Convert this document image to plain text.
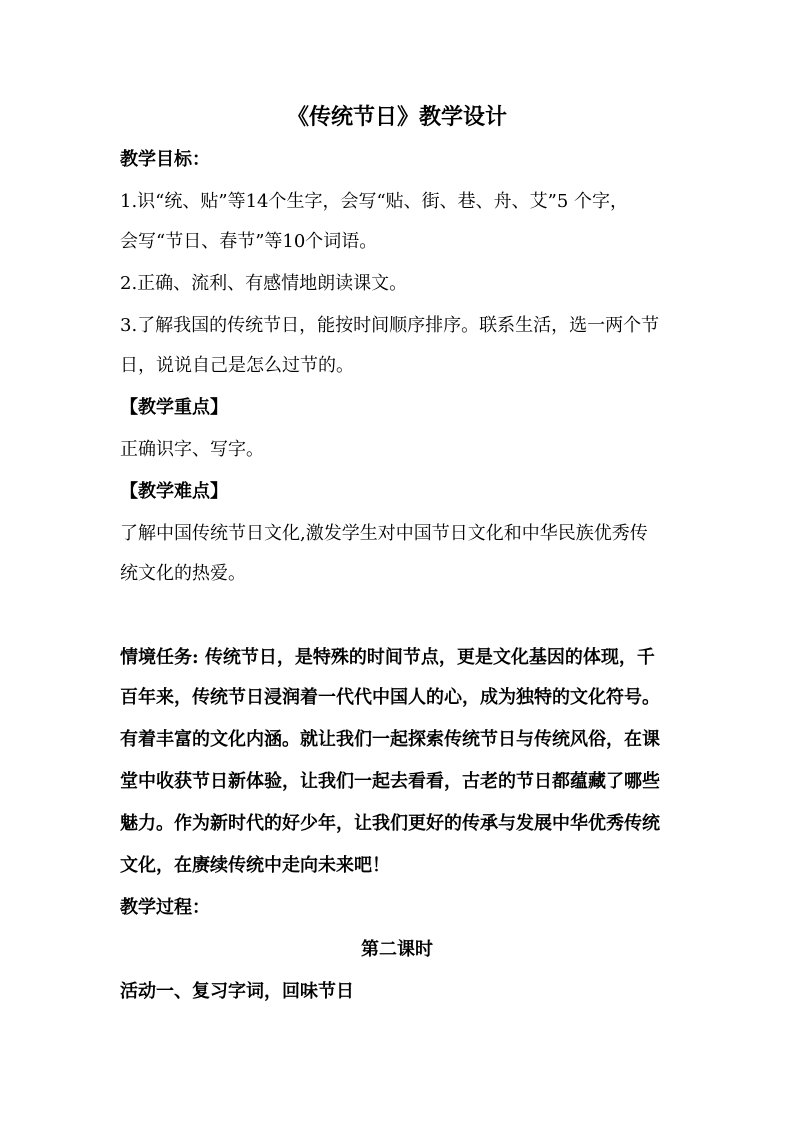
《传统节日》教学设计
教学目标：
1.识“统、贴”等14个生字，会写“贴、街、巷、舟、艾”5 个字，
会写“节日、春节”等10个词语。
2.正确、流利、有感情地朗读课文。
3.了解我国的传统节日，能按时间顺序排序。联系生活，选一两个节
日，说说自己是怎么过节的。
【教学重点】
正确识字、写字。
【教学难点】
了解中国传统节日文化,激发学生对中国节日文化和中华民族优秀传
统文化的热爱。
情境任务: 传统节日，是特殊的时间节点，更是文化基因的体现，千
百年来，传统节日浸润着一代代中国人的心，成为独特的文化符号。
有着丰富的文化内涵。就让我们一起探索传统节日与传统风俗，在课
堂中收获节日新体验，让我们一起去看看，古老的节日都蕴藏了哪些
魅力。作为新时代的好少年，让我们更好的传承与发展中华优秀传统
文化，在赓续传统中走向未来吧！
教学过程：
第二课时
活动一、复习字词，回味节日
